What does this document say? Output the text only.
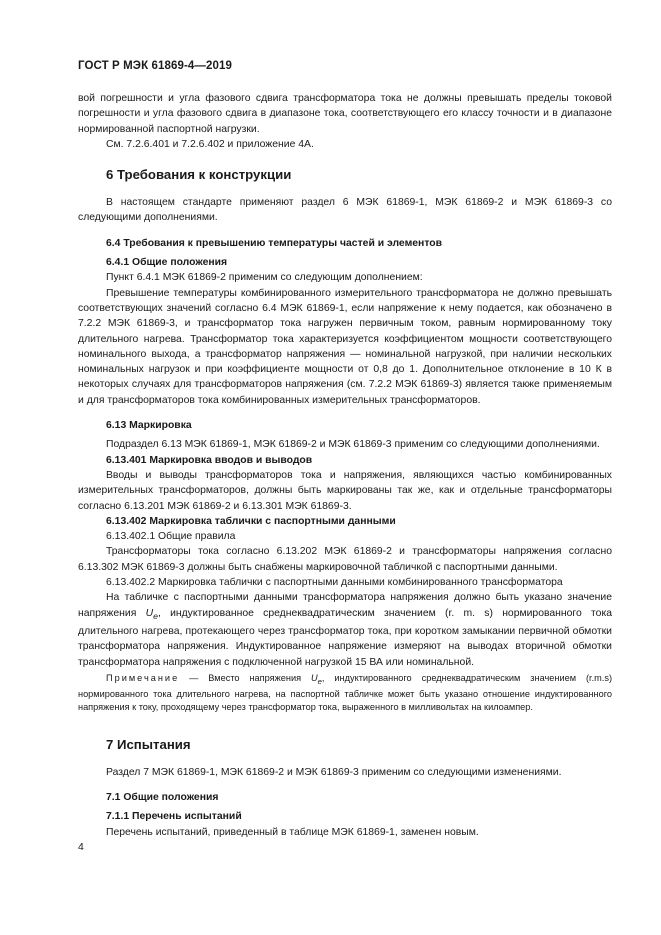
ГОСТ Р МЭК 61869-4—2019

вой погрешности и угла фазового сдвига трансформатора тока не должны превышать пределы токовой погрешности и угла фазового сдвига в диапазоне тока, соответствующего его классу точности и в диапазоне нормированной паспортной нагрузки.

См. 7.2.6.401 и 7.2.6.402 и приложение 4А.

6 Требования к конструкции

В настоящем стандарте применяют раздел 6 МЭК 61869-1, МЭК 61869-2 и МЭК 61869-3 со следующими дополнениями.

6.4 Требования к превышению температуры частей и элементов
6.4.1 Общие положения

Пункт 6.4.1 МЭК 61869-2 применим со следующим дополнением:

Превышение температуры комбинированного измерительного трансформатора не должно превышать соответствующих значений согласно 6.4 МЭК 61869-1, если напряжение к нему подается, как обозначено в 7.2.2 МЭК 61869-3, и трансформатор тока нагружен первичным током, равным нормированному току длительного нагрева. Трансформатор тока характеризуется коэффициентом мощности соответствующего номинального выхода, а трансформатор напряжения — номинальной нагрузкой, при наличии нескольких номинальных нагрузок и при коэффициенте мощности от 0,8 до 1. Дополнительное отклонение в 10 К в некоторых случаях для трансформаторов напряжения (см. 7.2.2 МЭК 61869-3) является также применяемым и для трансформаторов тока комбинированных измерительных трансформаторов.

6.13 Маркировка

Подраздел 6.13 МЭК 61869-1, МЭК 61869-2 и МЭК 61869-3 применим со следующими дополнениями.

6.13.401 Маркировка вводов и выводов

Вводы и выводы трансформаторов тока и напряжения, являющихся частью комбинированных измерительных трансформаторов, должны быть маркированы так же, как и отдельные трансформаторы согласно 6.13.201 МЭК 61869-2 и 6.13.301 МЭК 61869-3.

6.13.402 Маркировка таблички с паспортными данными
6.13.402.1 Общие правила

Трансформаторы тока согласно 6.13.202 МЭК 61869-2 и трансформаторы напряжения согласно 6.13.302 МЭК 61869-3 должны быть снабжены маркировочной табличкой с паспортными данными.

6.13.402.2 Маркировка таблички с паспортными данными комбинированного трансформатора

На табличке с паспортными данными трансформатора напряжения должно быть указано значение напряжения $U_e$, индуктированное среднеквадратическим значением (r. m. s) нормированного тока длительного нагрева, протекающего через трансформатор тока, при коротком замыкании первичной обмотки трансформатора напряжения. Индуктированное напряжение измеряют на выводах вторичной обмотки трансформатора напряжения с подключенной нагрузкой 15 ВА или номинальной.

Примечание — Вместо напряжения $U_e$, индуктированного среднеквадратическим значением (r.m.s) нормированного тока длительного нагрева, на паспортной табличке может быть указано отношение индуктированного напряжения к току, проходящему через трансформатор тока, выраженного в милливольтах на килоампер.

7 Испытания

Раздел 7 МЭК 61869-1, МЭК 61869-2 и МЭК 61869-3 применим со следующими изменениями.

7.1 Общие положения
7.1.1 Перечень испытаний

Перечень испытаний, приведенный в таблице МЭК 61869-1, заменен новым.

4
